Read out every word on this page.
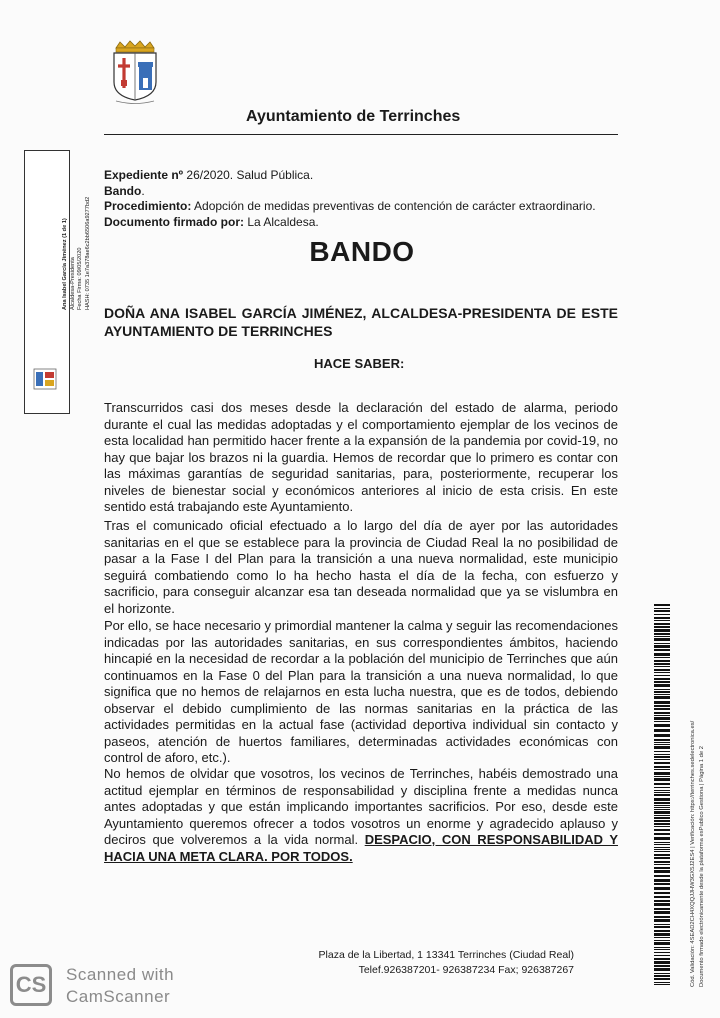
Ayuntamiento de Terrinches
Expediente nº 26/2020. Salud Pública.
Bando.
Procedimiento: Adopción de medidas preventivas de contención de carácter extraordinario.
Documento firmado por: La Alcaldesa.
BANDO
DOÑA ANA ISABEL GARCÍA JIMÉNEZ, ALCALDESA-PRESIDENTA DE ESTE AYUNTAMIENTO DE TERRINCHES
HACE SABER:
Transcurridos casi dos meses desde la declaración del estado de alarma, periodo durante el cual las medidas adoptadas y el comportamiento ejemplar de los vecinos de esta localidad han permitido hacer frente a la expansión de la pandemia por covid-19, no hay que bajar los brazos ni la guardia. Hemos de recordar que lo primero es contar con las máximas garantías de seguridad sanitarias, para, posteriormente, recuperar los niveles de bienestar social y económicos anteriores al inicio de esta crisis. En este sentido está trabajando este Ayuntamiento.
Tras el comunicado oficial efectuado a lo largo del día de ayer por las autoridades sanitarias en el que se establece para la provincia de Ciudad Real la no posibilidad de pasar a la Fase I del Plan para la transición a una nueva normalidad, este municipio seguirá combatiendo como lo ha hecho hasta el día de la fecha, con esfuerzo y sacrificio, para conseguir alcanzar esa tan deseada normalidad que ya se vislumbra en el horizonte.
Por ello, se hace necesario y primordial mantener la calma y seguir las recomendaciones indicadas por las autoridades sanitarias, en sus correspondientes ámbitos, haciendo hincapié en la necesidad de recordar a la población del municipio de Terrinches que aún continuamos en la Fase 0 del Plan para la transición a una nueva normalidad, lo que significa que no hemos de relajarnos en esta lucha nuestra, que es de todos, debiendo observar el debido cumplimiento de las normas sanitarias en la práctica de las actividades permitidas en la actual fase (actividad deportiva individual sin contacto y paseos, atención de huertos familiares, determinadas actividades económicas con control de aforo, etc.).
No hemos de olvidar que vosotros, los vecinos de Terrinches, habéis demostrado una actitud ejemplar en términos de responsabilidad y disciplina frente a medidas nunca antes adoptadas y que están implicando importantes sacrificios. Por eso, desde este Ayuntamiento queremos ofrecer a todos vosotros un enorme y agradecido aplauso y deciros que volveremos a la vida normal. DESPACIO, CON RESPONSABILIDAD Y HACIA UNA META CLARA. POR TODOS.
Plaza de la Libertad, 1 13341 Terrinches (Ciudad Real)
Telef.926387201- 926387234 Fax; 926387267
Ana Isabel García Jiménez (1 de 1) Alcaldesa-Presidenta Fecha Firma: 09/05/2020 HASH: 0735 1e7a378ae6c2bb6506a9277bd2
Cód. Validación: 4SEAD2CH4XQQJJHW3GX5J2ES4 | Verificación: https://terrinches.sedelectronica.es/ Documento firmado electrónicamente desde la plataforma esPublico Gestiona | Página 1 de 2
CS	Scanned with
CamScanner
